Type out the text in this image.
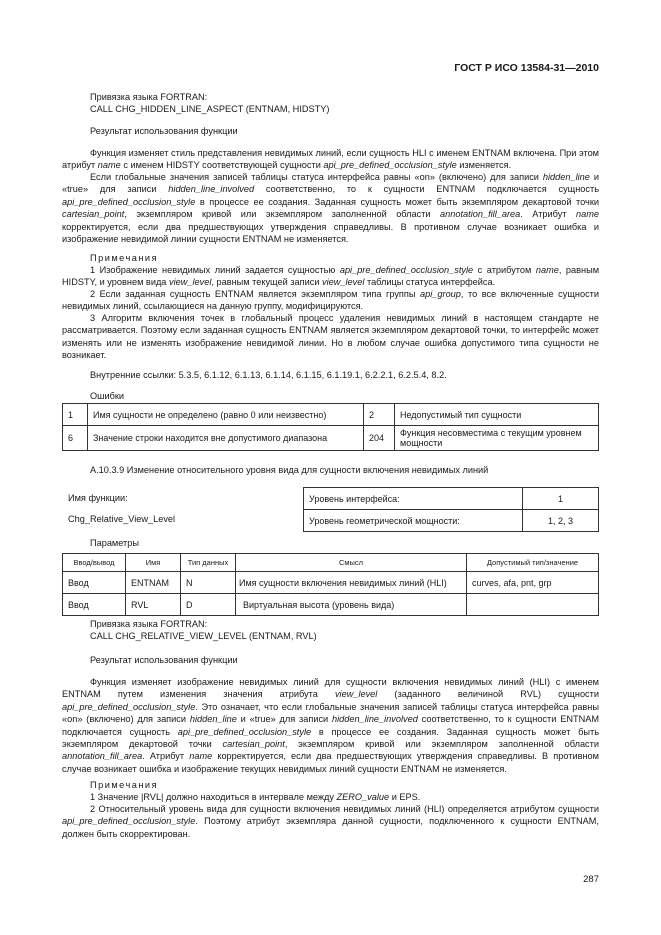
ГОСТ Р ИСО 13584-31—2010
Привязка языка FORTRAN:
CALL CHG_HIDDEN_LINE_ASPECT (ENTNAM, HIDSTY)
Результат использования функции
Функция изменяет стиль представления невидимых линий, если сущность HLI с именем ENTNAM включена. При этом атрибут name с именем HIDSTY соответствующей сущности api_pre_defined_occlusion_style изменяется.
Если глобальные значения записей таблицы статуса интерфейса равны «on» (включено) для записи hidden_line и «true» для записи hidden_line_involved соответственно, то к сущности ENTNAM подключается сущность api_pre_defined_occlusion_style в процессе ее создания. Заданная сущность может быть экземпляром декартовой точки cartesian_point, экземпляром кривой или экземпляром заполненной области annotation_fill_area. Атрибут name корректируется, если два предшествующих утверждения справедливы. В противном случае возникает ошибка и изображение невидимой линии сущности ENTNAM не изменяется.
Примечания
1 Изображение невидимых линий задается сущностью api_pre_defined_occlusion_style с атрибутом name, равным HIDSTY, и уровнем вида view_level, равным текущей записи view_level таблицы статуса интерфейса.
2 Если заданная сущность ENTNAM является экземпляром типа группы api_group, то все включенные сущности невидимых линий, ссылающиеся на данную группу, модифицируются.
3 Алгоритм включения точек в глобальный процесс удаления невидимых линий в настоящем стандарте не рассматривается. Поэтому если заданная сущность ENTNAM является экземпляром декартовой точки, то интерфейс может изменять или не изменять изображение невидимой линии. Но в любом случае ошибка допустимого типа сущности не возникает.
Внутренние ссылки: 5.3.5, 6.1.12, 6.1.13, 6.1.14, 6.1.15, 6.1.19.1, 6.2.2.1, 6.2.5.4, 8.2.
Ошибки
1	Имя сущности не определено (равно 0 или неизвестно)	2	Недопустимый тип сущности
6	Значение строки находится вне допустимого диапазона	204	Функция несовместима с текущим уровнем мощности
А.10.3.9 Изменение относительного уровня вида для сущности включения невидимых линий
Имя функции:
Chg_Relative_View_Level
Уровень интерфейса:	1
Уровень геометрической мощности:	1, 2, 3
Параметры
Ввод/вывод	Имя	Тип данных	Смысл	Допустимый тип/значение
Ввод	ENTNAM	N	Имя сущности включения невидимых линий (HLI)	curves, afa, pnt, grp
Ввод	RVL	D	Виртуальная высота (уровень вида)	
Привязка языка FORTRAN:
CALL CHG_RELATIVE_VIEW_LEVEL (ENTNAM, RVL)
Результат использования функции
Функция изменяет изображение невидимых линий для сущности включения невидимых линий (HLI) с именем ENTNAM путем изменения значения атрибута view_level (заданного величиной RVL) сущности api_pre_defined_occlusion_style. Это означает, что если глобальные значения записей таблицы статуса интерфейса равны «on» (включено) для записи hidden_line и «true» для записи hidden_line_involved соответственно, то к сущности ENTNAM подключается сущность api_pre_defined_occlusion_style в процессе ее создания. Заданная сущность может быть экземпляром декартовой точки cartesian_point, экземпляром кривой или экземпляром заполненной области annotation_fill_area. Атрибут name корректируется, если два предшествующих утверждения справедливы. В противном случае возникает ошибка и изображение текущих невидимых линий сущности ENTNAM не изменяется.
Примечания
1 Значение |RVL| должно находиться в интервале между ZERO_value и EPS.
2 Относительный уровень вида для сущности включения невидимых линий (HLI) определяется атрибутом сущности api_pre_defined_occlusion_style. Поэтому атрибут экземпляра данной сущности, подключенного к сущности ENTNAM, должен быть скорректирован.
287
